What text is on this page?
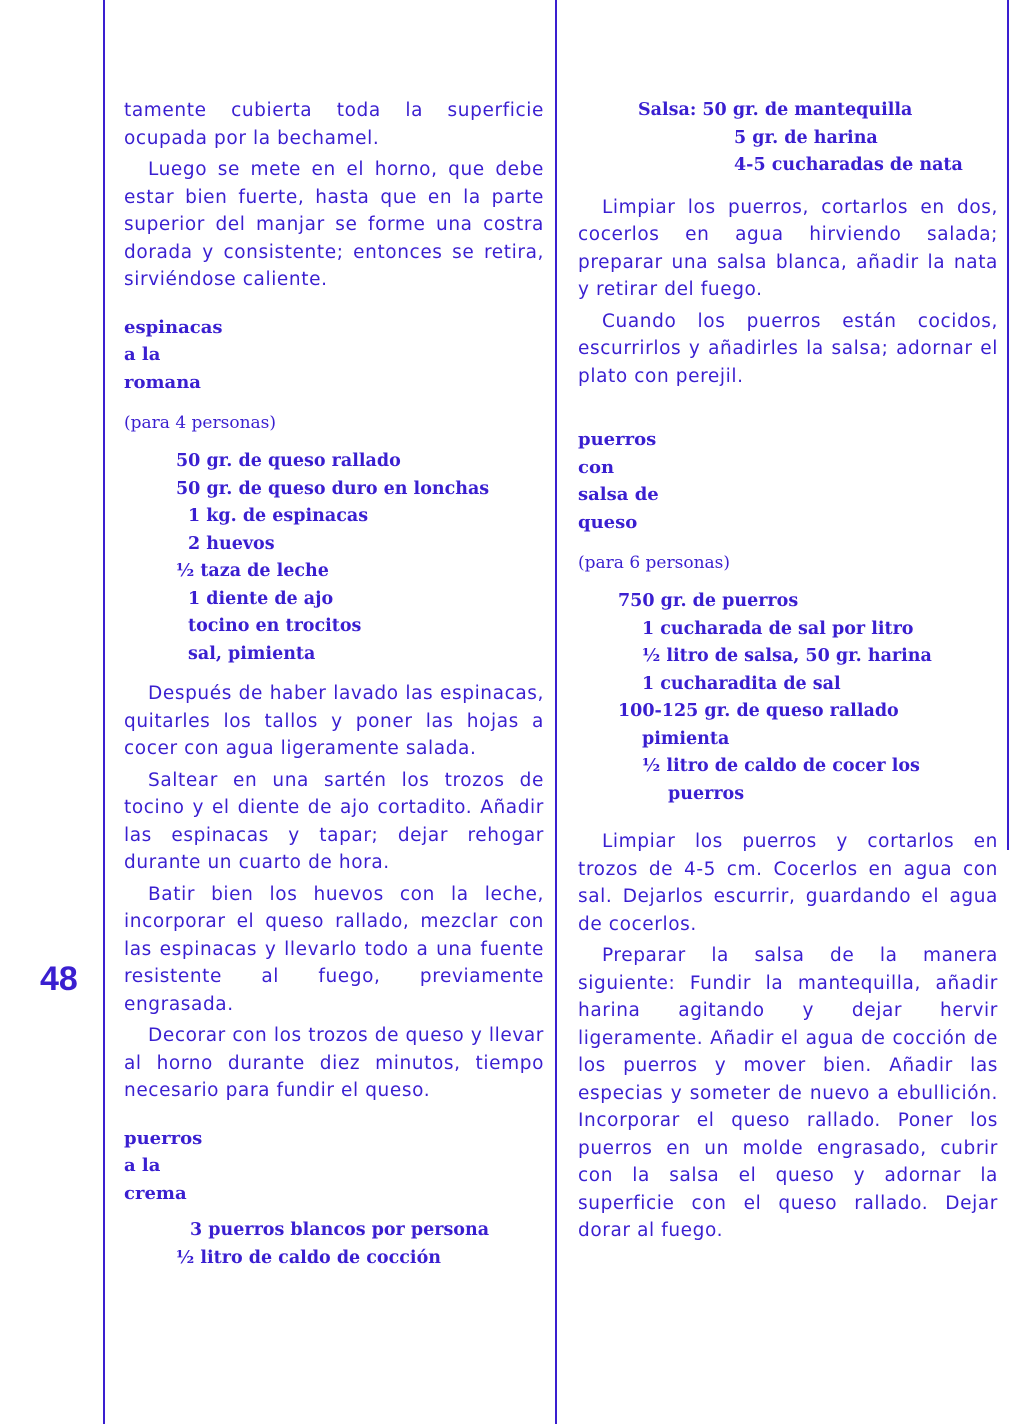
48

tamente cubierta toda la superficie ocupada por la bechamel.

Luego se mete en el horno, que debe estar bien fuerte, hasta que en la parte superior del manjar se forme una costra dorada y consistente; entonces se retira, sirviéndose caliente.

espinacas

a la

romana

(para 4 personas)

50 gr. de queso rallado

50 gr. de queso duro en lonchas

1 kg. de espinacas

2 huevos

½ taza de leche

1 diente de ajo

tocino en trocitos

sal, pimienta

Después de haber lavado las espinacas, quitarles los tallos y poner las hojas a cocer con agua ligeramente salada.

Saltear en una sartén los trozos de tocino y el diente de ajo cortadito. Añadir las espinacas y tapar; dejar rehogar durante un cuarto de hora.

Batir bien los huevos con la leche, incorporar el queso rallado, mezclar con las espinacas y llevarlo todo a una fuente resistente al fuego, previamente engrasada.

Decorar con los trozos de queso y llevar al horno durante diez minutos, tiempo necesario para fundir el queso.

puerros

a la

crema

3 puerros blancos por persona

½ litro de caldo de cocción

Salsa: 50 gr. de mantequilla

5 gr. de harina

4-5 cucharadas de nata

Limpiar los puerros, cortarlos en dos, cocerlos en agua hirviendo salada; preparar una salsa blanca, añadir la nata y retirar del fuego.

Cuando los puerros están cocidos, escurrirlos y añadirles la salsa; adornar el plato con perejil.

puerros

con

salsa de

queso

(para 6 personas)

750 gr. de puerros

1 cucharada de sal por litro

½ litro de salsa, 50 gr. harina

1 cucharadita de sal

100-125 gr. de queso rallado

pimienta

½ litro de caldo de cocer los

puerros

Limpiar los puerros y cortarlos en trozos de 4-5 cm. Cocerlos en agua con sal. Dejarlos escurrir, guardando el agua de cocerlos.

Preparar la salsa de la manera siguiente: Fundir la mantequilla, añadir harina agitando y dejar hervir ligeramente. Añadir el agua de cocción de los puerros y mover bien. Añadir las especias y someter de nuevo a ebullición. Incorporar el queso rallado. Poner los puerros en un molde engrasado, cubrir con la salsa el queso y adornar la superficie con el queso rallado. Dejar dorar al fuego.
